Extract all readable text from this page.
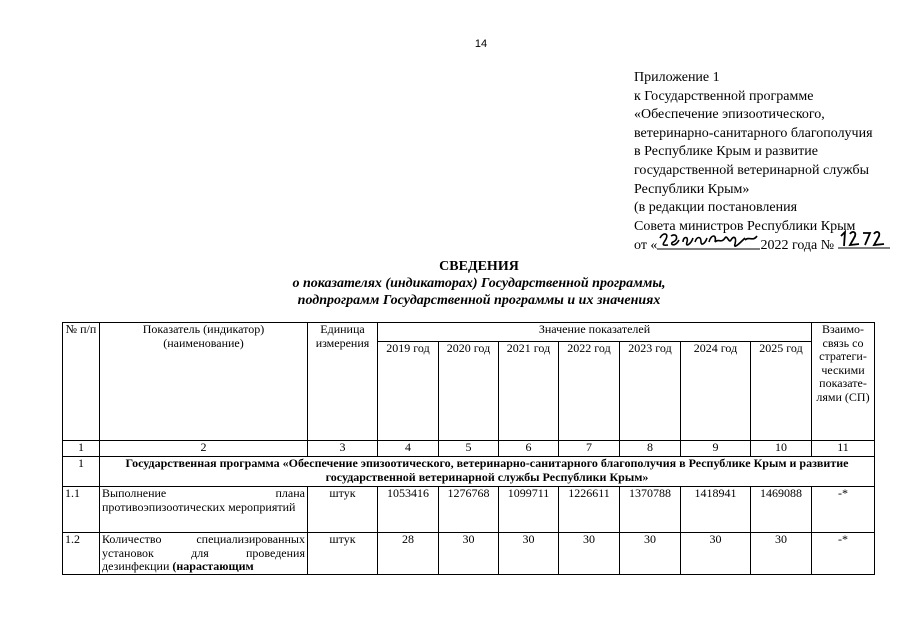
14
Приложение 1
к Государственной программе
«Обеспечение эпизоотического,
ветеринарно-санитарного благополучия
в Республике Крым и развитие
государственной ветеринарной службы
Республики Крым»
(в редакции постановления
Совета министров Республики Крым
от «	2022 года №
СВЕДЕНИЯ
о показателях (индикаторах) Государственной программы,
подпрограмм Государственной программы и их значениях
№ п/п	Показатель (индикатор) (наименование)	Единица измерения	Значение показателей							Взаимо-связь со стратеги-ческими показате-лями (СП)
			2019 год	2020 год	2021 год	2022 год	2023 год	2024 год	2025 год	
1	2	3	4	5	6	7	8	9	10	11
1	Государственная программа «Обеспечение эпизоотического, ветеринарно-санитарного благополучия в Республике Крым и развитие государственной ветеринарной службы Республики Крым»									
1.1	Выполнение плана противоэпизоотических мероприятий	штук	1053416	1276768	1099711	1226611	1370788	1418941	1469088	-*
1.2	Количество специализированных установок для проведения дезинфекции (нарастающим	штук	28	30	30	30	30	30	30	-*
